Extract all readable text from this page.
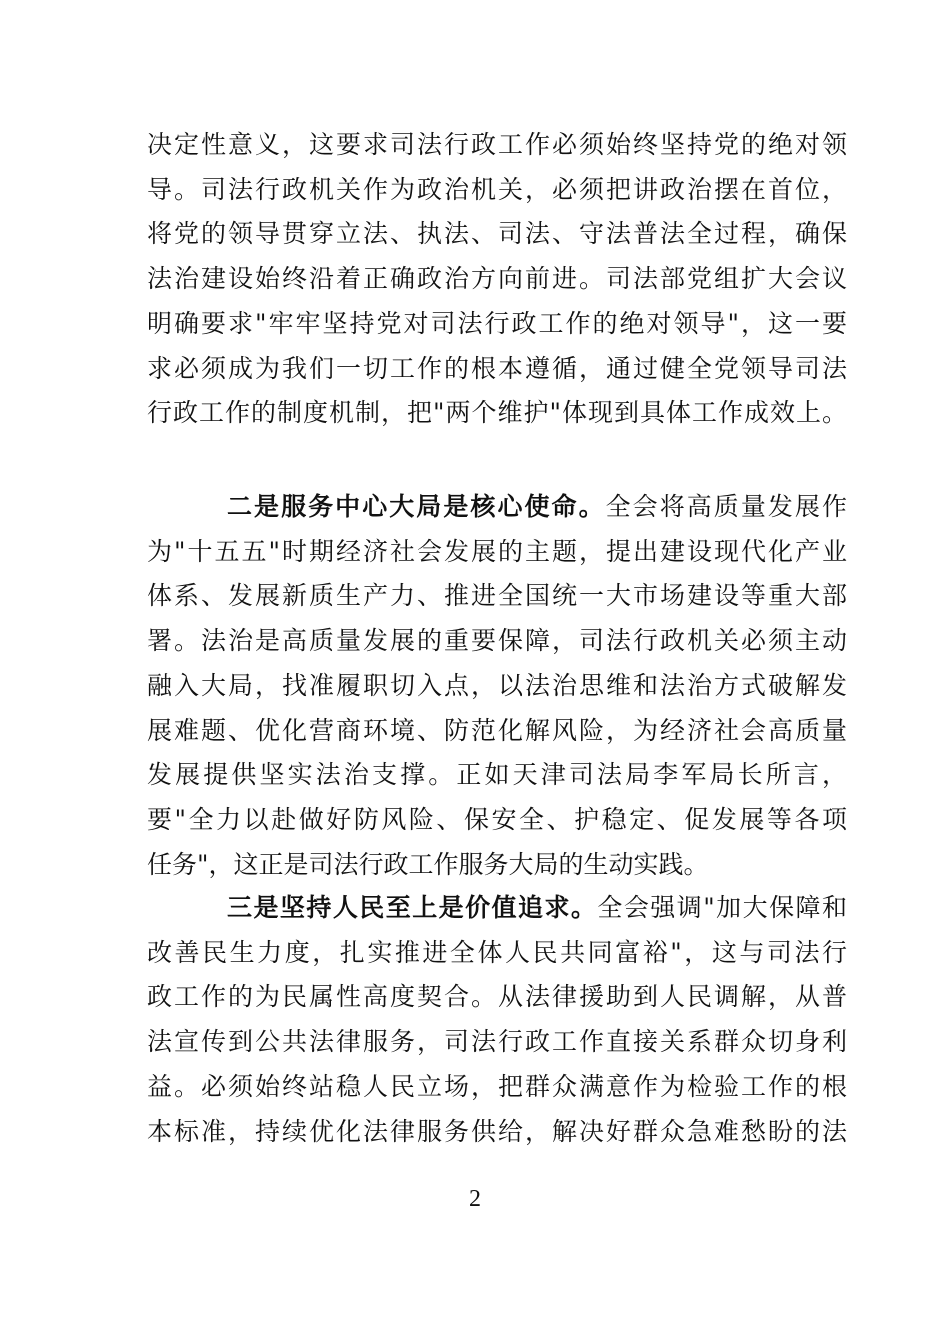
决定性意义，这要求司法行政工作必须始终坚持党的绝对领
导。司法行政机关作为政治机关，必须把讲政治摆在首位，
将党的领导贯穿立法、执法、司法、守法普法全过程，确保
法治建设始终沿着正确政治方向前进。司法部党组扩大会议
明确要求"牢牢坚持党对司法行政工作的绝对领导"，这一要
求必须成为我们一切工作的根本遵循，通过健全党领导司法
行政工作的制度机制，把"两个维护"体现到具体工作成效上。
二是服务中心大局是核心使命。全会将高质量发展作
为"十五五"时期经济社会发展的主题，提出建设现代化产业
体系、发展新质生产力、推进全国统一大市场建设等重大部
署。法治是高质量发展的重要保障，司法行政机关必须主动
融入大局，找准履职切入点，以法治思维和法治方式破解发
展难题、优化营商环境、防范化解风险，为经济社会高质量
发展提供坚实法治支撑。正如天津司法局李军局长所言，
要"全力以赴做好防风险、保安全、护稳定、促发展等各项
任务"，这正是司法行政工作服务大局的生动实践。
三是坚持人民至上是价值追求。全会强调"加大保障和
改善民生力度，扎实推进全体人民共同富裕"，这与司法行
政工作的为民属性高度契合。从法律援助到人民调解，从普
法宣传到公共法律服务，司法行政工作直接关系群众切身利
益。必须始终站稳人民立场，把群众满意作为检验工作的根
本标准，持续优化法律服务供给，解决好群众急难愁盼的法
2
